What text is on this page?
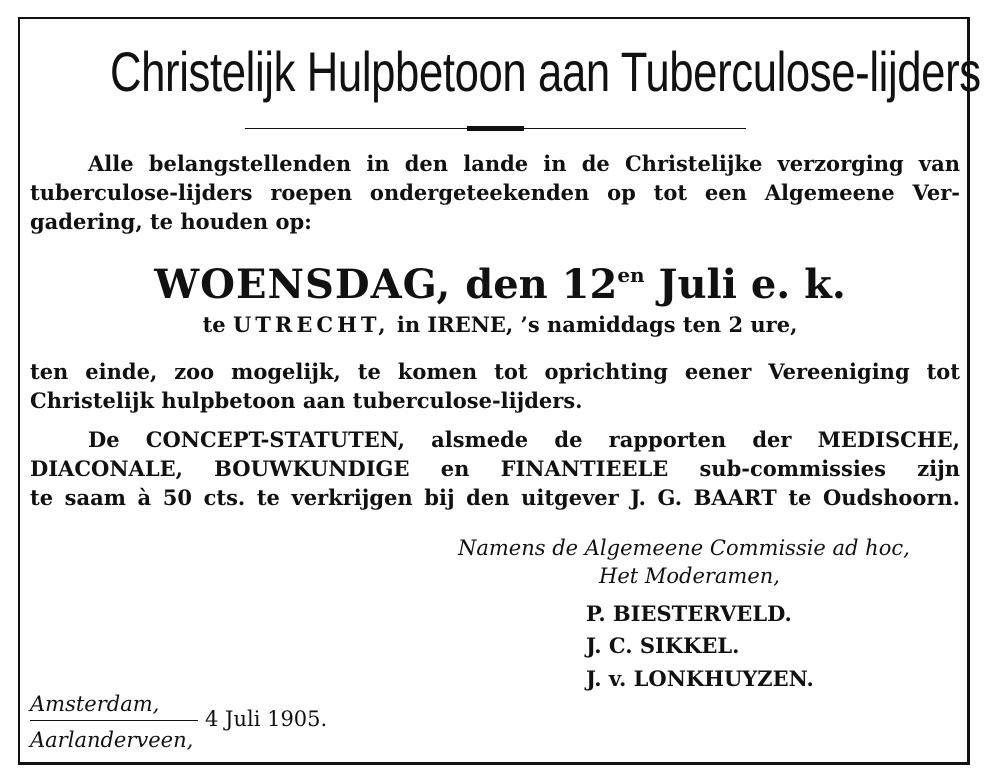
Christelijk Hulpbetoon aan Tuberculose-lijders
Alle belangstellenden in den lande in de Christelijke verzorging van
tuberculose-lijders roepen ondergeteekenden op tot een Algemeene Ver-
gadering, te houden op:
WOENSDAG, den $12^{en}$ Juli e. k.
te UTRECHT, in IRENE, ’s namiddags ten 2 ure,
ten einde, zoo mogelijk, te komen tot oprichting eener Vereeniging tot
Christelijk hulpbetoon aan tuberculose-lijders.
De CONCEPT-STATUTEN, alsmede de rapporten der MEDISCHE,
DIACONALE, BOUWKUNDIGE en FINANTIEELE sub-commissies zijn
te saam à 50 cts. te verkrijgen bij den uitgever J. G. BAART te Oudshoorn.
Namens de Algemeene Commissie ad hoc,
Het Moderamen,
P. BIESTERVELD.
J. C. SIKKEL.
J. v. LONKHUYZEN.
Amsterdam,
Aarlanderveen,
4 Juli 1905.
